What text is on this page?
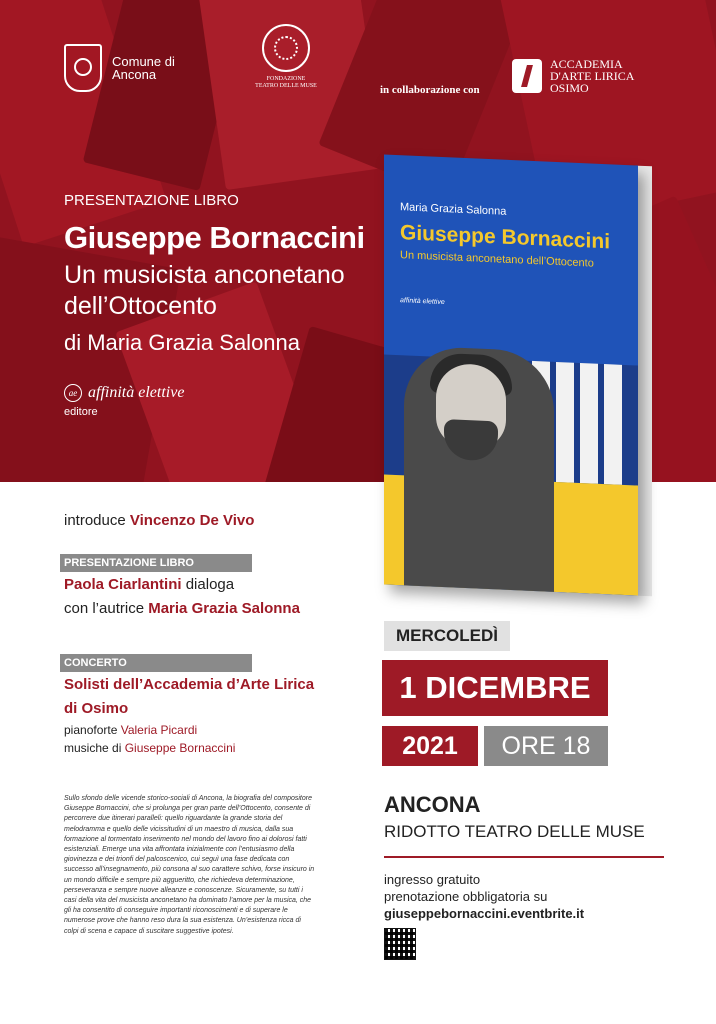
Comune di
Ancona	FONDAZIONE
TEATRO DELLE MUSE	in collaborazione con
ACCADEMIA
D'ARTE LIRICA
OSIMO
PRESENTAZIONE LIBRO
Giuseppe Bornaccini
Un musicista anconetano
dell’Ottocento
di Maria Grazia Salonna
ae affinità elettive
editore
Maria Grazia Salonna
Giuseppe Bornaccini
Un musicista anconetano dell’Ottocento
affinità elettive
introduce Vincenzo De Vivo
PRESENTAZIONE LIBRO
Paola Ciarlantini dialoga
con l’autrice Maria Grazia Salonna
CONCERTO
Solisti dell’Accademia d’Arte Lirica
di Osimo
pianoforte Valeria Picardi
musiche di Giuseppe Bornaccini
MERCOLEDÌ
1 DICEMBRE
2021	ORE 18
ANCONA
RIDOTTO TEATRO DELLE MUSE
ingresso gratuito
prenotazione obbligatoria su
giuseppebornaccini.eventbrite.it
Sullo sfondo delle vicende storico-sociali di Ancona, la biografia del compositore Giuseppe Bornaccini, che si prolunga per gran parte dell’Ottocento, consente di percorrere due itinerari paralleli: quello riguardante la grande storia del melodramma e quello delle vicissitudini di un maestro di musica, dalla sua formazione al tormentato inserimento nel mondo del lavoro fino ai dolorosi fatti esistenziali. Emerge una vita affrontata inizialmente con l’entusiasmo della giovinezza e dei trionfi del palcoscenico, cui seguì una fase dedicata con successo all’insegnamento, più consona al suo carattere schivo, forse insicuro in un mondo difficile e sempre più aggueritto, che richiedeva determinazione, perseveranza e sempre nuove alleanze e conoscenze. Sicuramente, su tutti i casi della vita del musicista anconetano ha dominato l’amore per la musica, che gli ha consentito di conseguire importanti riconoscimenti e di superare le numerose prove che hanno reso dura la sua esistenza. Un’esistenza ricca di colpi di scena e capace di suscitare suggestive ipotesi.
